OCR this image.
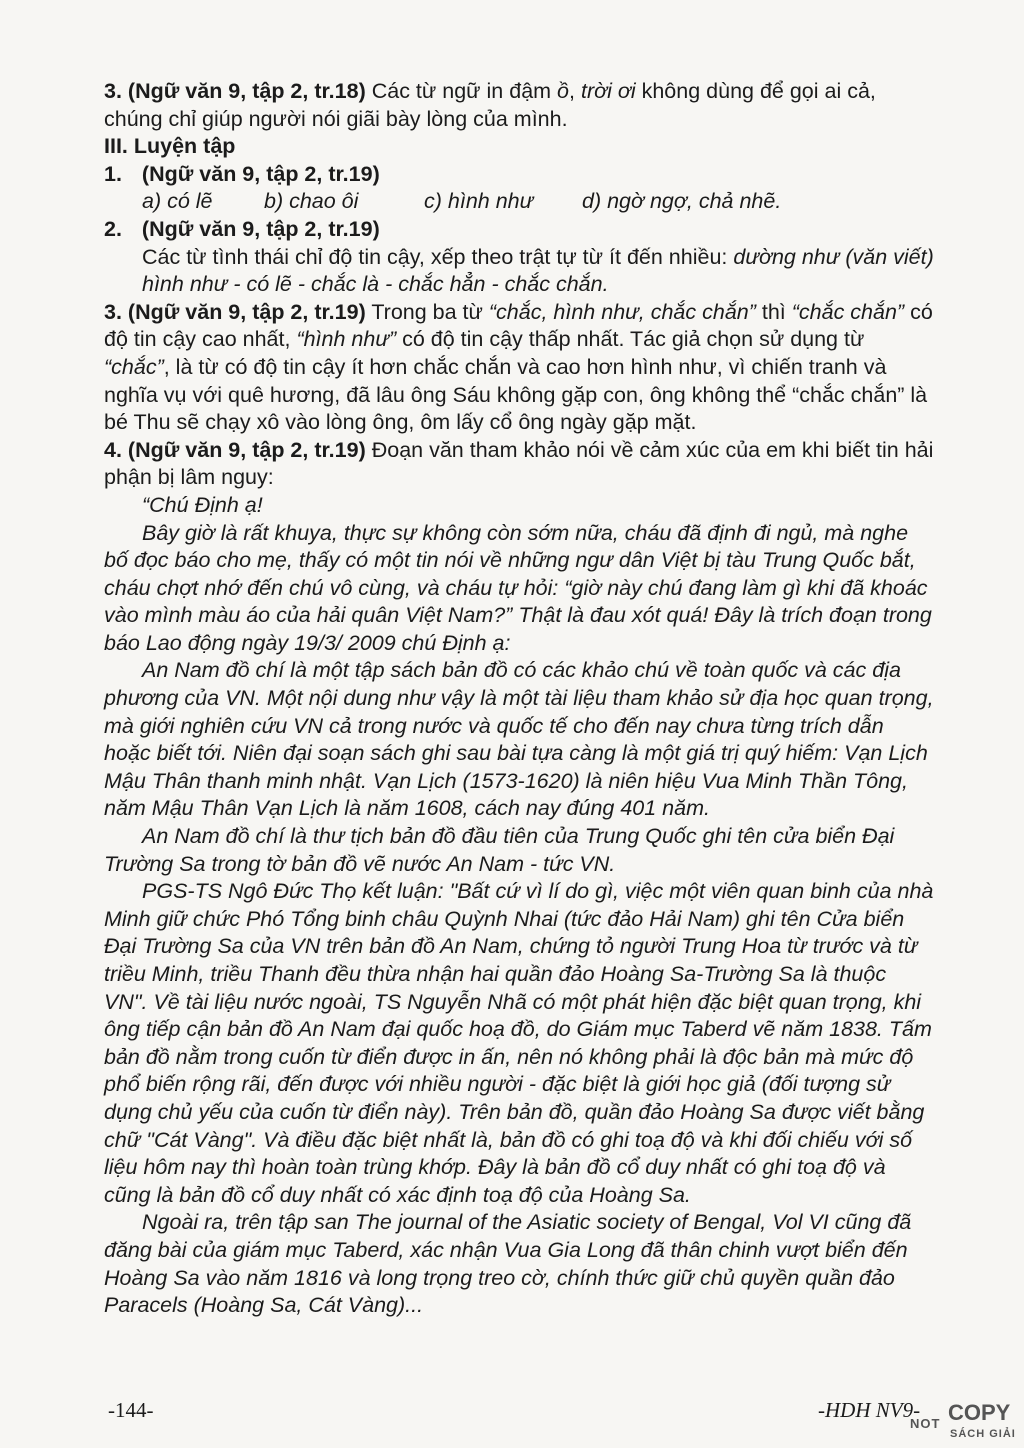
3. (Ngữ văn 9, tập 2, tr.18) Các từ ngữ in đậm ồ, trời ơi không dùng để gọi ai cả, chúng chỉ giúp người nói giãi bày lòng của mình.

III. Luyện tập

1. (Ngữ văn 9, tập 2, tr.19)

a) có lẽ	b) chao ôi	c) hình như	d) ngờ ngợ, chả nhẽ.

2. (Ngữ văn 9, tập 2, tr.19)

Các từ tình thái chỉ độ tin cậy, xếp theo trật tự từ ít đến nhiều: dường như (văn viết) hình như - có lẽ - chắc là - chắc hẳn - chắc chắn.

3. (Ngữ văn 9, tập 2, tr.19) Trong ba từ “chắc, hình như, chắc chắn” thì “chắc chắn” có độ tin cậy cao nhất, “hình như” có độ tin cậy thấp nhất. Tác giả chọn sử dụng từ “chắc”, là từ có độ tin cậy ít hơn chắc chắn và cao hơn hình như, vì chiến tranh và nghĩa vụ với quê hương, đã lâu ông Sáu không gặp con, ông không thể “chắc chắn” là bé Thu sẽ chạy xô vào lòng ông, ôm lấy cổ ông ngày gặp mặt.

4. (Ngữ văn 9, tập 2, tr.19) Đoạn văn tham khảo nói về cảm xúc của em khi biết tin hải phận bị lâm nguy:

“Chú Định ạ!

Bây giờ là rất khuya, thực sự không còn sớm nữa, cháu đã định đi ngủ, mà nghe bố đọc báo cho mẹ, thấy có một tin nói về những ngư dân Việt bị tàu Trung Quốc bắt, cháu chợt nhớ đến chú vô cùng, và cháu tự hỏi: “giờ này chú đang làm gì khi đã khoác vào mình màu áo của hải quân Việt Nam?” Thật là đau xót quá! Đây là trích đoạn trong báo Lao động ngày 19/3/ 2009 chú Định ạ:

An Nam đồ chí là một tập sách bản đồ có các khảo chú về toàn quốc và các địa phương của VN. Một nội dung như vậy là một tài liệu tham khảo sử địa học quan trọng, mà giới nghiên cứu VN cả trong nước và quốc tế cho đến nay chưa từng trích dẫn hoặc biết tới. Niên đại soạn sách ghi sau bài tựa càng là một giá trị quý hiếm: Vạn Lịch Mậu Thân thanh minh nhật. Vạn Lịch (1573-1620) là niên hiệu Vua Minh Thần Tông, năm Mậu Thân Vạn Lịch là năm 1608, cách nay đúng 401 năm.

An Nam đồ chí là thư tịch bản đồ đầu tiên của Trung Quốc ghi tên cửa biển Đại Trường Sa trong tờ bản đồ vẽ nước An Nam - tức VN.

PGS-TS Ngô Đức Thọ kết luận: "Bất cứ vì lí do gì, việc một viên quan binh của nhà Minh giữ chức Phó Tổng binh châu Quỳnh Nhai (tức đảo Hải Nam) ghi tên Cửa biển Đại Trường Sa của VN trên bản đồ An Nam, chứng tỏ người Trung Hoa từ trước và từ triều Minh, triều Thanh đều thừa nhận hai quần đảo Hoàng Sa-Trường Sa là thuộc VN". Về tài liệu nước ngoài, TS Nguyễn Nhã có một phát hiện đặc biệt quan trọng, khi ông tiếp cận bản đồ An Nam đại quốc hoạ đồ, do Giám mục Taberd vẽ năm 1838. Tấm bản đồ nằm trong cuốn từ điển được in ấn, nên nó không phải là độc bản mà mức độ phổ biến rộng rãi, đến được với nhiều người - đặc biệt là giới học giả (đối tượng sử dụng chủ yếu của cuốn từ điển này). Trên bản đồ, quần đảo Hoàng Sa được viết bằng chữ "Cát Vàng". Và điều đặc biệt nhất là, bản đồ có ghi toạ độ và khi đối chiếu với số liệu hôm nay thì hoàn toàn trùng khớp. Đây là bản đồ cổ duy nhất có ghi toạ độ và cũng là bản đồ cổ duy nhất có xác định toạ độ của Hoàng Sa.

Ngoài ra, trên tập san The journal of the Asiatic society of Bengal, Vol VI cũng đã đăng bài của giám mục Taberd, xác nhận Vua Gia Long đã thân chinh vượt biển đến Hoàng Sa vào năm 1816 và long trọng treo cờ, chính thức giữ chủ quyền quần đảo Paracels (Hoàng Sa, Cát Vàng)...

-144-	-HDH NV9-
NOT COPY
SÁCH GIẢI
